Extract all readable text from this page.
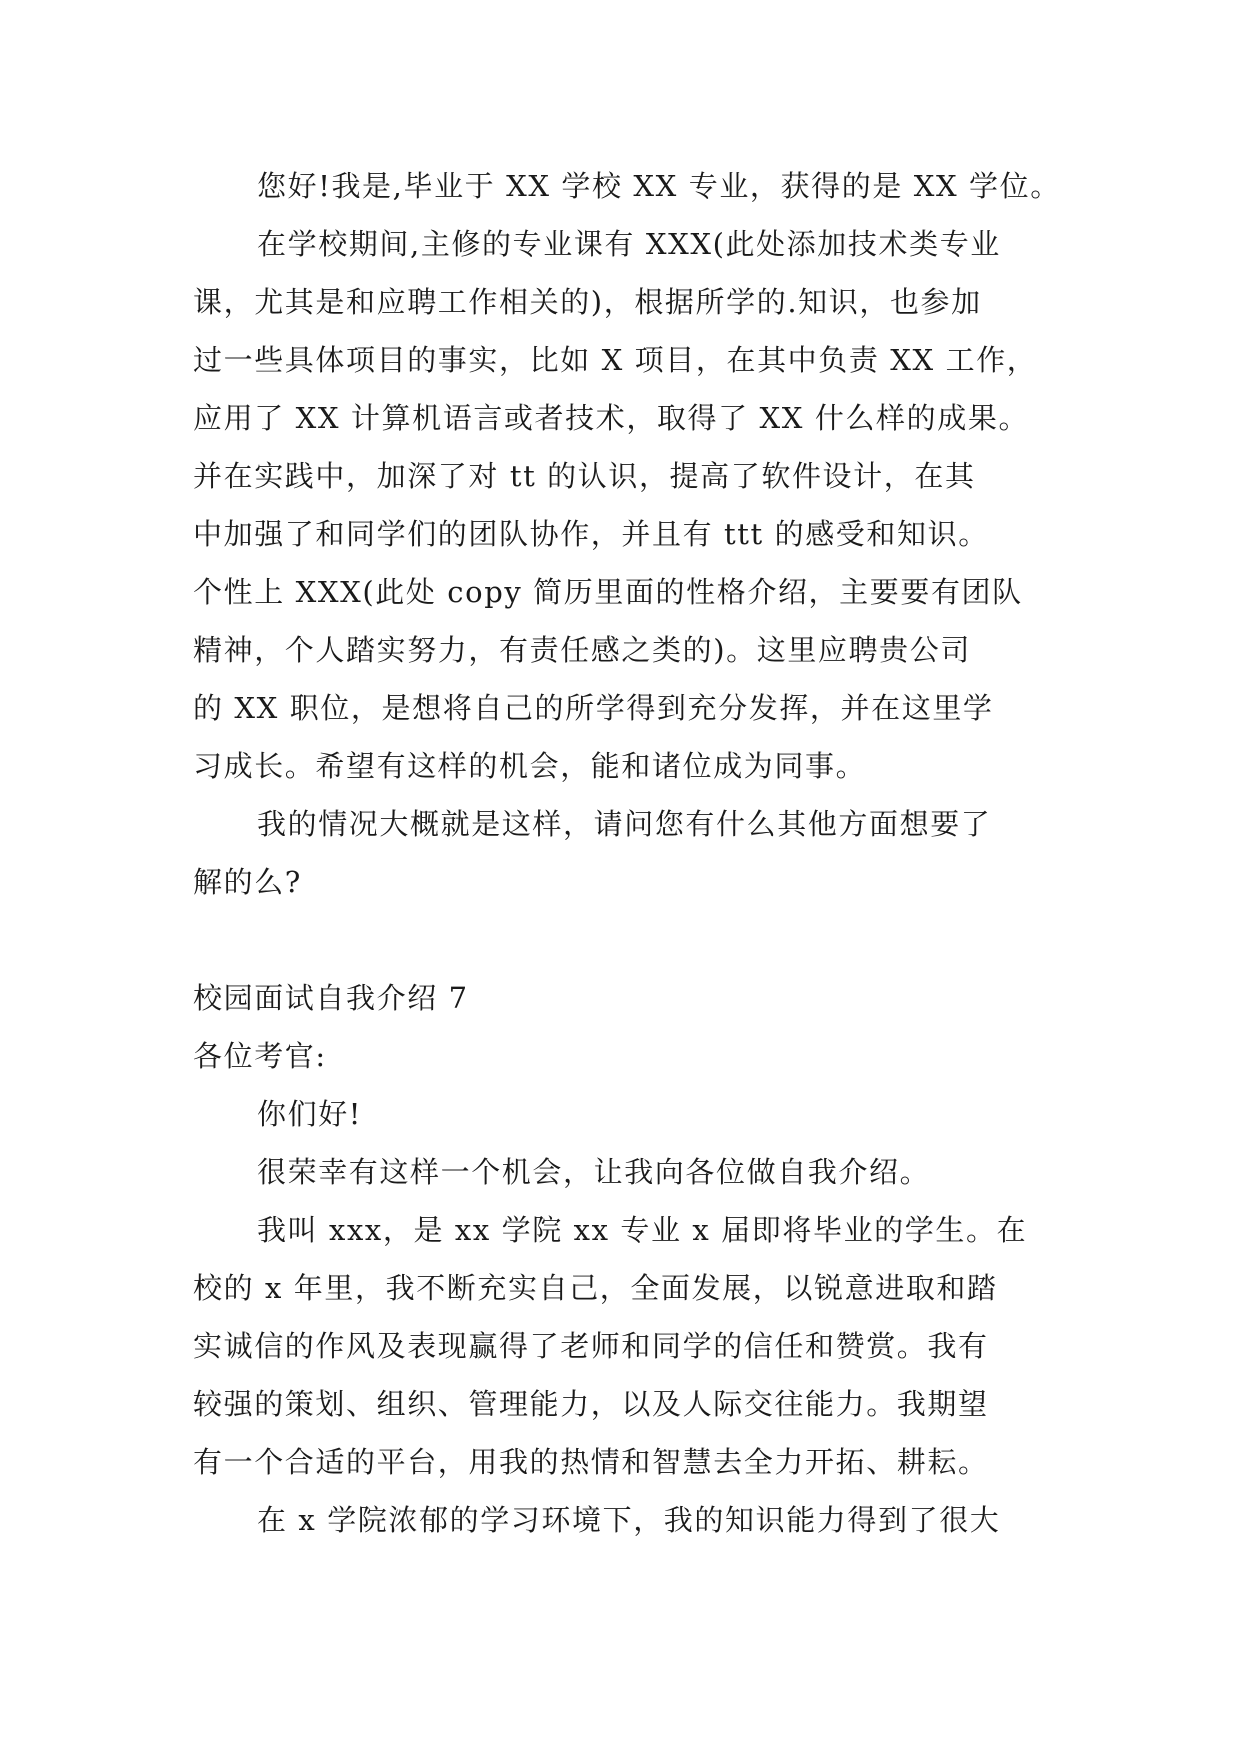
您好!我是,毕业于 XX 学校 XX 专业，获得的是 XX 学位。
在学校期间,主修的专业课有 XXX(此处添加技术类专业
课，尤其是和应聘工作相关的)，根据所学的.知识，也参加
过一些具体项目的事实，比如 X 项目，在其中负责 XX 工作，
应用了 XX 计算机语言或者技术，取得了 XX 什么样的成果。
并在实践中，加深了对 tt 的认识，提高了软件设计，在其
中加强了和同学们的团队协作，并且有 ttt 的感受和知识。
个性上 XXX(此处 copy 简历里面的性格介绍，主要要有团队
精神，个人踏实努力，有责任感之类的)。这里应聘贵公司
的 XX 职位，是想将自己的所学得到充分发挥，并在这里学
习成长。希望有这样的机会，能和诸位成为同事。
我的情况大概就是这样，请问您有什么其他方面想要了
解的么?
校园面试自我介绍 7
各位考官:
你们好!
很荣幸有这样一个机会，让我向各位做自我介绍。
我叫 xxx，是 xx 学院 xx 专业 x 届即将毕业的学生。在
校的 x 年里，我不断充实自己，全面发展，以锐意进取和踏
实诚信的作风及表现赢得了老师和同学的信任和赞赏。我有
较强的策划、组织、管理能力，以及人际交往能力。我期望
有一个合适的平台，用我的热情和智慧去全力开拓、耕耘。
在 x 学院浓郁的学习环境下，我的知识能力得到了很大
